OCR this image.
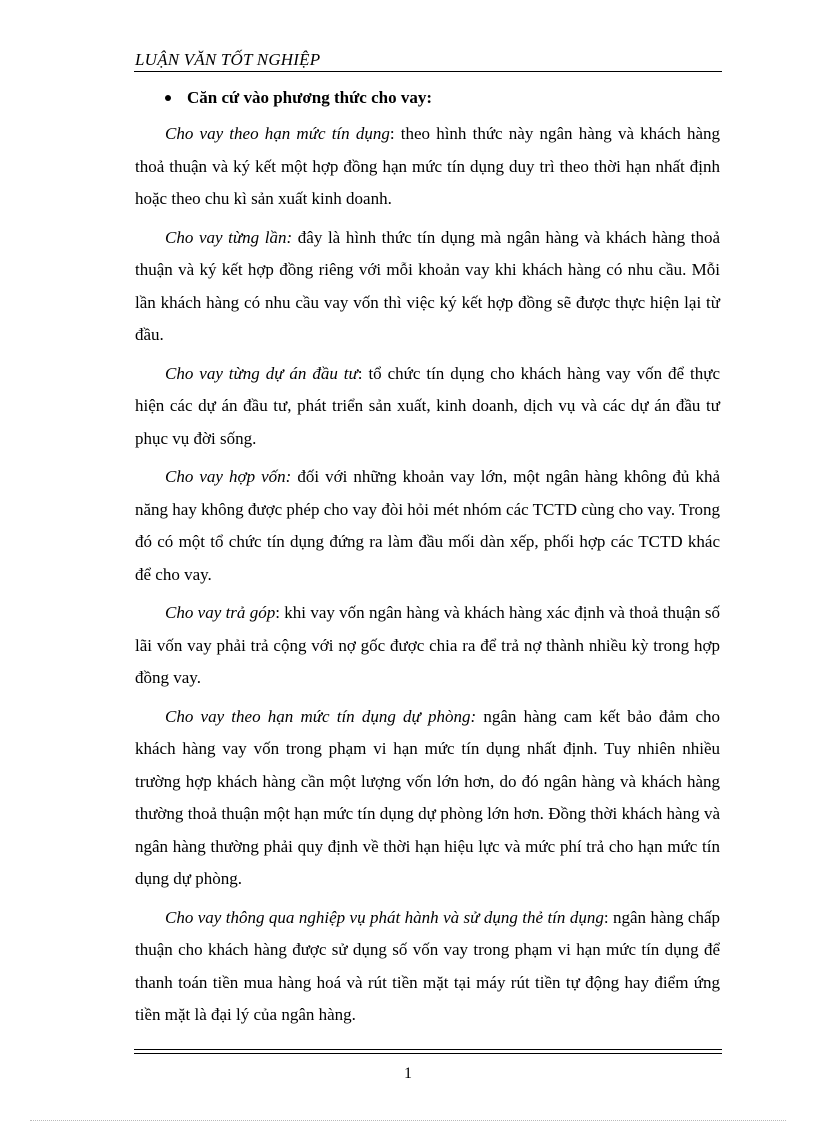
LUẬN VĂN TỐT NGHIỆP
Căn cứ vào phương thức cho vay:

Cho vay theo hạn mức tín dụng: theo hình thức này ngân hàng và khách hàng thoả thuận và ký kết một hợp đồng hạn mức tín dụng duy trì theo thời hạn nhất định hoặc theo chu kì sản xuất kinh doanh.

Cho vay từng lần: đây là hình thức tín dụng mà ngân hàng và khách hàng thoả thuận và ký kết hợp đồng riêng với mỗi khoản vay khi khách hàng có nhu cầu. Mỗi lần khách hàng có nhu cầu vay vốn thì việc ký kết hợp đồng sẽ được thực hiện lại từ đầu.

Cho vay từng dự án đầu tư: tổ chức tín dụng cho khách hàng vay vốn để thực hiện các dự án đầu tư, phát triển sản xuất, kinh doanh, dịch vụ và các dự án đầu tư phục vụ đời sống.

Cho vay hợp vốn: đối với những khoản vay lớn, một ngân hàng không đủ khả năng hay không được phép cho vay đòi hỏi mét nhóm các TCTD cùng cho vay. Trong đó có một tổ chức tín dụng đứng ra làm đầu mối dàn xếp, phối hợp các TCTD khác để cho vay.

Cho vay trả góp: khi vay vốn ngân hàng và khách hàng xác định và thoả thuận số lãi vốn vay phải trả cộng với nợ gốc được chia ra để trả nợ thành nhiều kỳ trong hợp đồng vay.

Cho vay theo hạn mức tín dụng dự phòng: ngân hàng cam kết bảo đảm cho khách hàng vay vốn trong phạm vi hạn mức tín dụng nhất định. Tuy nhiên nhiều trường hợp khách hàng cần một lượng vốn lớn hơn, do đó ngân hàng và khách hàng thường thoả thuận một hạn mức tín dụng dự phòng lớn hơn. Đồng thời khách hàng và ngân hàng thường phải quy định về thời hạn hiệu lực và mức phí trả cho hạn mức tín dụng dự phòng.

Cho vay thông qua nghiệp vụ phát hành và sử dụng thẻ tín dụng: ngân hàng chấp thuận cho khách hàng được sử dụng số vốn vay trong phạm vi hạn mức tín dụng để thanh toán tiền mua hàng hoá và rút tiền mặt tại máy rút tiền tự động hay điểm ứng tiền mặt là đại lý của ngân hàng.

1
